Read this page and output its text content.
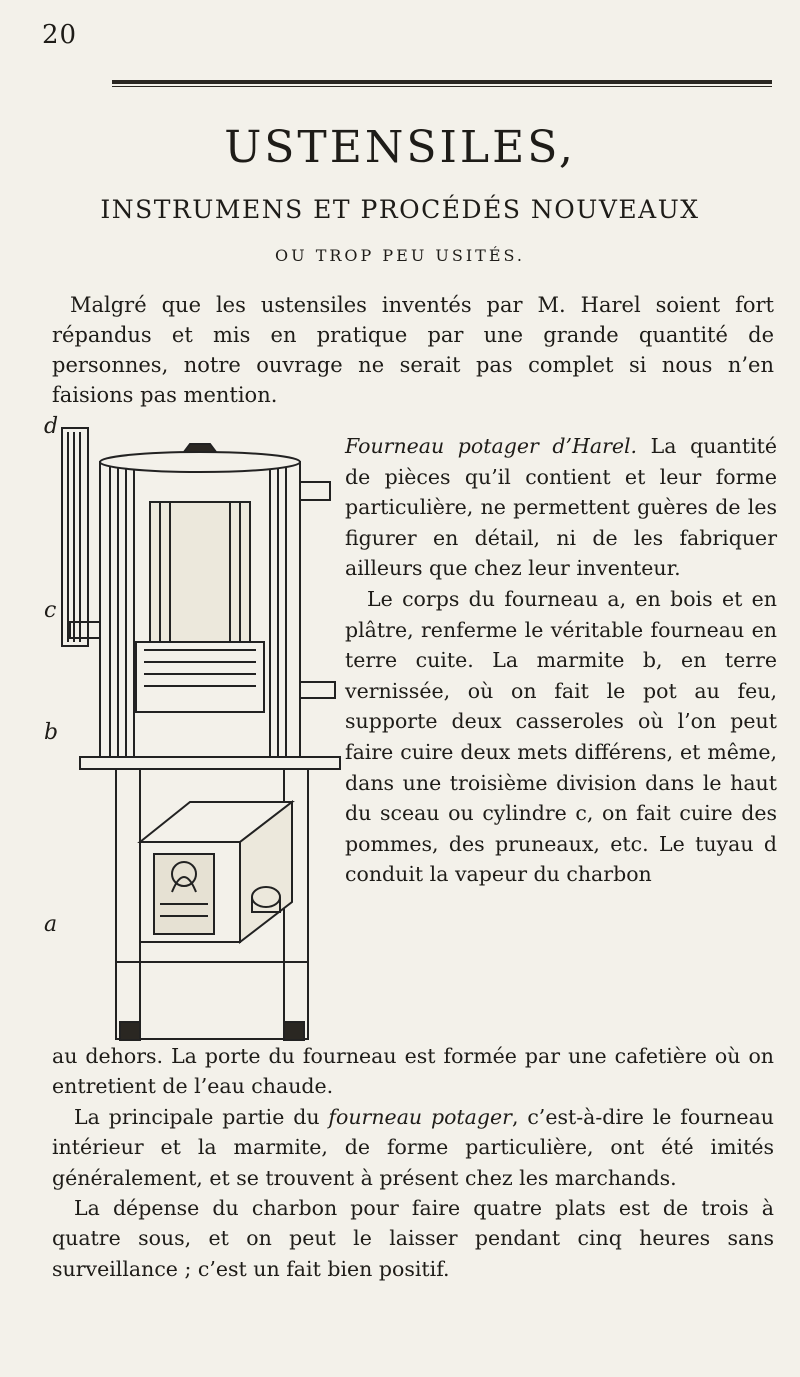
20
USTENSILES,
INSTRUMENS ET PROCÉDÉS NOUVEAUX
OU TROP PEU USITÉS.

Malgré que les ustensiles inventés par M. Harel soient fort répandus et mis en pratique par une grande quantité de personnes, notre ouvrage ne serait pas complet si nous n’en faisions pas mention.

d
c
b
a

Fourneau potager d’Harel. La quantité de pièces qu’il contient et leur forme particulière, ne permettent guères de les figurer en détail, ni de les fabriquer ailleurs que chez leur inventeur.

Le corps du fourneau a, en bois et en plâtre, renferme le véritable fourneau en terre cuite. La marmite b, en terre vernissée, où on fait le pot au feu, supporte deux casseroles où l’on peut faire cuire deux mets différens, et même, dans une troisième division dans le haut du sceau ou cylindre c, on fait cuire des pommes, des pruneaux, etc. Le tuyau d conduit la vapeur du charbon

au dehors. La porte du fourneau est formée par une cafetière où on entretient de l’eau chaude.

La principale partie du fourneau potager, c’est-à-dire le fourneau intérieur et la marmite, de forme particulière, ont été imités généralement, et se trouvent à présent chez les marchands.

La dépense du charbon pour faire quatre plats est de trois à quatre sous, et on peut le laisser pendant cinq heures sans surveillance ; c’est un fait bien positif.
